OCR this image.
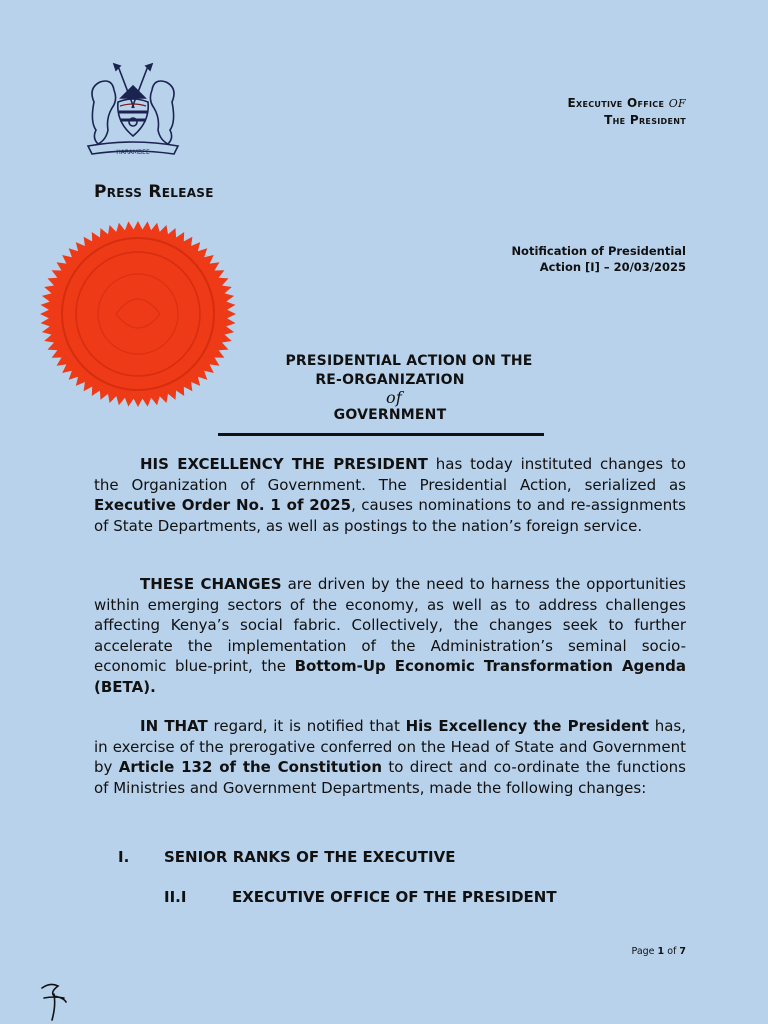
HARAMBEE
Executive Office of
The President
Press Release
Notification of Presidential
Action [I] – 20/03/2025
PRESIDENTIAL ACTION ON THE
RE-ORGANIZATION
of
GOVERNMENT
HIS EXCELLENCY THE PRESIDENT has today instituted changes to the Organization of Government. The Presidential Action, serialized as Executive Order No. 1 of 2025, causes nominations to and re-assignments of State Departments, as well as postings to the nation’s foreign service.
THESE CHANGES are driven by the need to harness the opportunities within emerging sectors of the economy, as well as to address challenges affecting Kenya’s social fabric. Collectively, the changes seek to further accelerate the implementation of the Administration’s seminal socio-economic blue-print, the Bottom-Up Economic Transformation Agenda (BETA).
IN THAT regard, it is notified that His Excellency the President has, in exercise of the prerogative conferred on the Head of State and Government by Article 132 of the Constitution to direct and co-ordinate the functions of Ministries and Government Departments, made the following changes:
I. SENIOR RANKS OF THE EXECUTIVE
II.I	EXECUTIVE OFFICE OF THE PRESIDENT
Page 1 of 7
